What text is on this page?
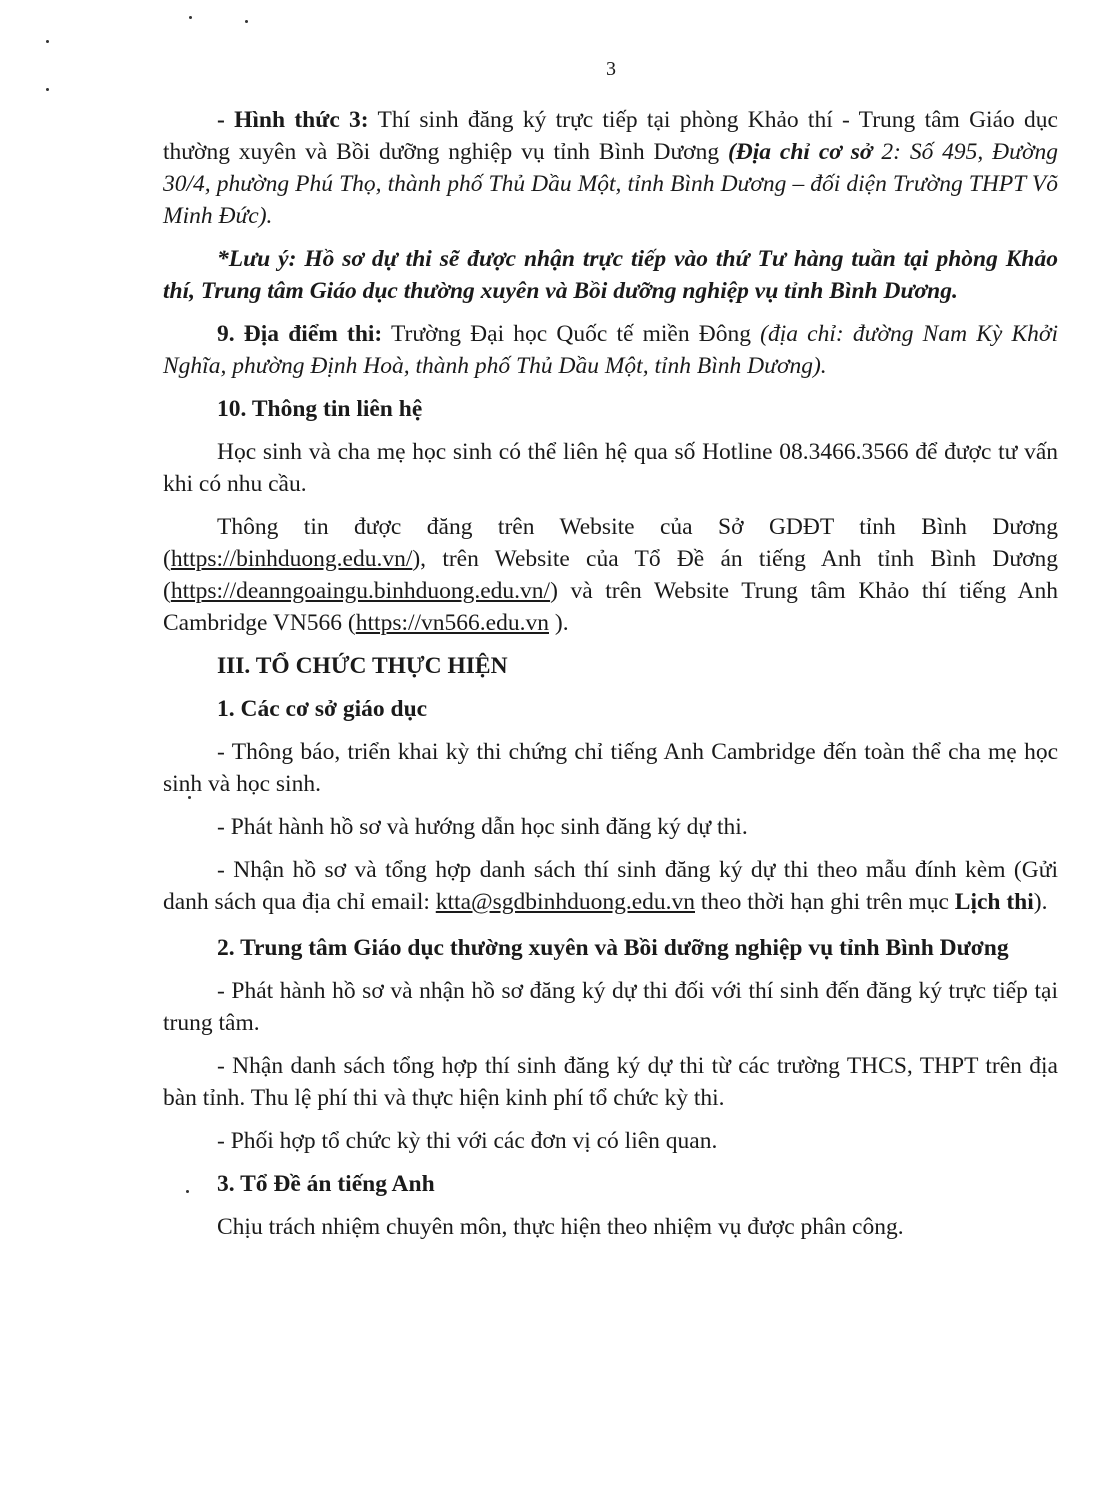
3

- Hình thức 3: Thí sinh đăng ký trực tiếp tại phòng Khảo thí - Trung tâm Giáo dục thường xuyên và Bồi dưỡng nghiệp vụ tỉnh Bình Dương (Địa chỉ cơ sở 2: Số 495, Đường 30/4, phường Phú Thọ, thành phố Thủ Dầu Một, tỉnh Bình Dương – đối diện Trường THPT Võ Minh Đức).

*Lưu ý: Hồ sơ dự thi sẽ được nhận trực tiếp vào thứ Tư hàng tuần tại phòng Khảo thí, Trung tâm Giáo dục thường xuyên và Bồi dưỡng nghiệp vụ tỉnh Bình Dương.

9. Địa điểm thi: Trường Đại học Quốc tế miền Đông (địa chỉ: đường Nam Kỳ Khởi Nghĩa, phường Định Hoà, thành phố Thủ Dầu Một, tỉnh Bình Dương).

10. Thông tin liên hệ

Học sinh và cha mẹ học sinh có thể liên hệ qua số Hotline 08.3466.3566 để được tư vấn khi có nhu cầu.

Thông tin được đăng trên Website của Sở GDĐT tỉnh Bình Dương (https://binhduong.edu.vn/), trên Website của Tổ Đề án tiếng Anh tỉnh Bình Dương (https://deanngoaingu.binhduong.edu.vn/) và trên Website Trung tâm Khảo thí tiếng Anh Cambridge VN566 (https://vn566.edu.vn ).

III. TỔ CHỨC THỰC HIỆN

1. Các cơ sở giáo dục

- Thông báo, triển khai kỳ thi chứng chỉ tiếng Anh Cambridge đến toàn thể cha mẹ học sinh và học sinh.

- Phát hành hồ sơ và hướng dẫn học sinh đăng ký dự thi.

- Nhận hồ sơ và tổng hợp danh sách thí sinh đăng ký dự thi theo mẫu đính kèm (Gửi danh sách qua địa chỉ email: ktta@sgdbinhduong.edu.vn theo thời hạn ghi trên mục Lịch thi).

2. Trung tâm Giáo dục thường xuyên và Bồi dưỡng nghiệp vụ tỉnh Bình Dương

- Phát hành hồ sơ và nhận hồ sơ đăng ký dự thi đối với thí sinh đến đăng ký trực tiếp tại trung tâm.

- Nhận danh sách tổng hợp thí sinh đăng ký dự thi từ các trường THCS, THPT trên địa bàn tỉnh. Thu lệ phí thi và thực hiện kinh phí tổ chức kỳ thi.

- Phối hợp tổ chức kỳ thi với các đơn vị có liên quan.

3. Tổ Đề án tiếng Anh

Chịu trách nhiệm chuyên môn, thực hiện theo nhiệm vụ được phân công.
